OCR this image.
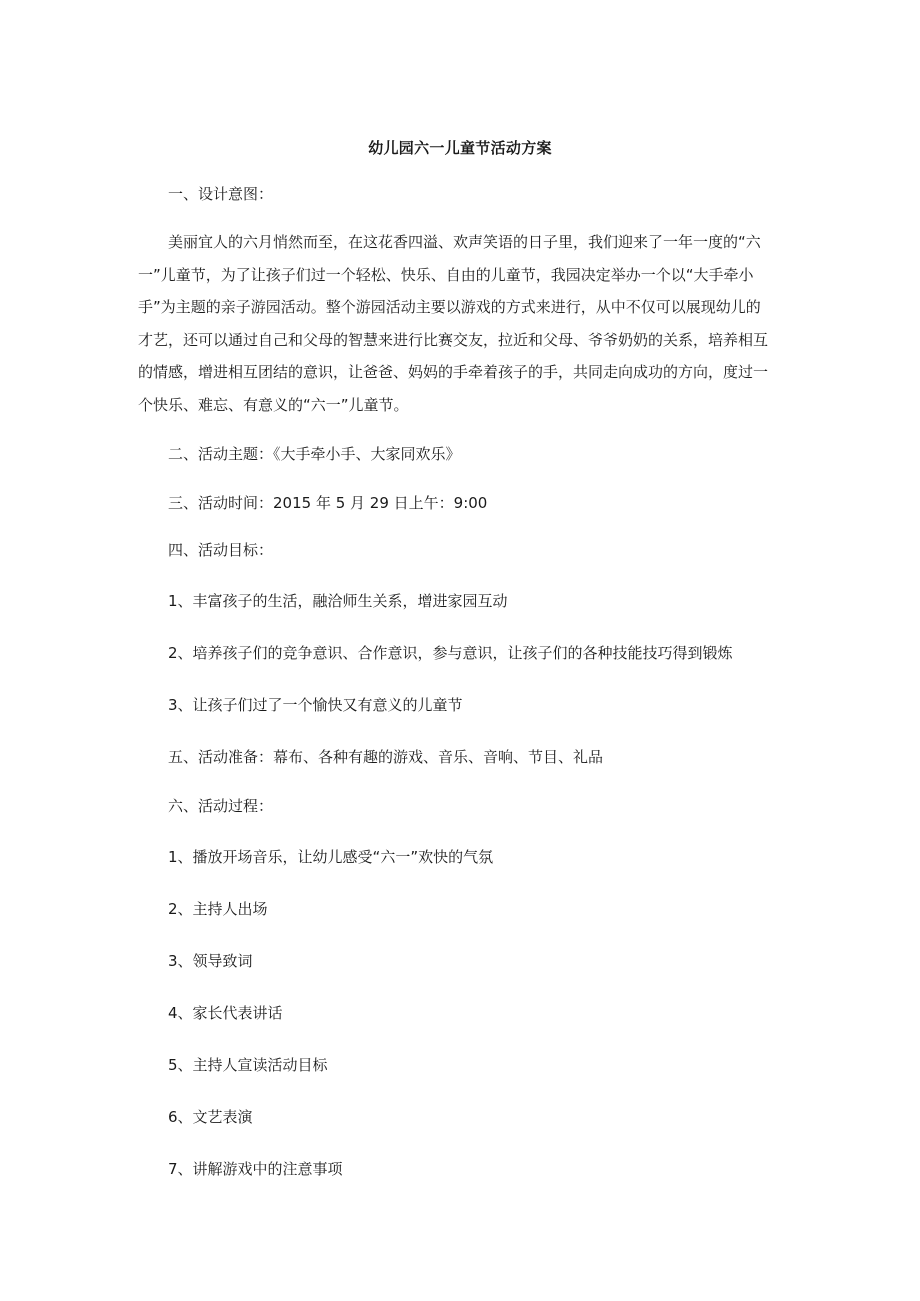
幼儿园六一儿童节活动方案
一、设计意图：
美丽宜人的六月悄然而至，在这花香四溢、欢声笑语的日子里，我们迎来了一年一度的“六
一”儿童节，为了让孩子们过一个轻松、快乐、自由的儿童节，我园决定举办一个以“大手牵小
手”为主题的亲子游园活动。整个游园活动主要以游戏的方式来进行，从中不仅可以展现幼儿的
才艺，还可以通过自己和父母的智慧来进行比赛交友，拉近和父母、爷爷奶奶的关系，培养相互
的情感，增进相互团结的意识，让爸爸、妈妈的手牵着孩子的手，共同走向成功的方向，度过一
个快乐、难忘、有意义的“六一”儿童节。
二、活动主题：《大手牵小手、大家同欢乐》
三、活动时间：2015 年 5 月 29 日上午：9:00
四、活动目标：
1、丰富孩子的生活，融洽师生关系，增进家园互动
2、培养孩子们的竞争意识、合作意识，参与意识，让孩子们的各种技能技巧得到锻炼
3、让孩子们过了一个愉快又有意义的儿童节
五、活动准备：幕布、各种有趣的游戏、音乐、音响、节目、礼品
六、活动过程：
1、播放开场音乐，让幼儿感受“六一”欢快的气氛
2、主持人出场
3、领导致词
4、家长代表讲话
5、主持人宣读活动目标
6、文艺表演
7、讲解游戏中的注意事项
